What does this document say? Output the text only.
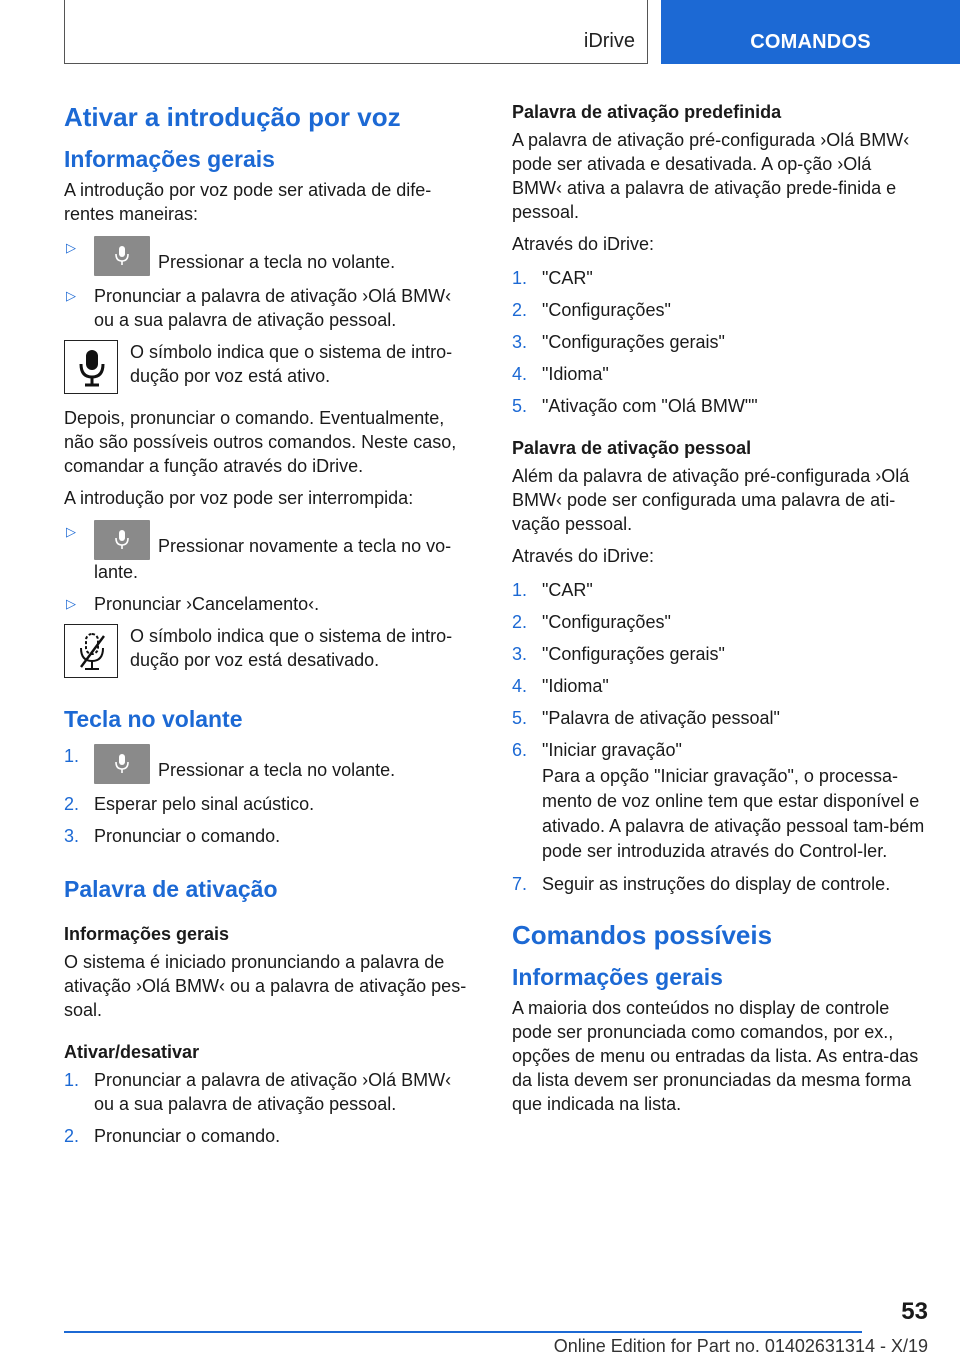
iDrive	COMANDOS
Ativar a introdução por voz
Informações gerais

A introdução por voz pode ser ativada de dife-rentes maneiras:

▷
Pressionar a tecla no volante.
▷ Pronunciar a palavra de ativação ›Olá BMW‹ ou a sua palavra de ativação pessoal.

O símbolo indica que o sistema de intro-dução por voz está ativo.

Depois, pronunciar o comando. Eventualmente, não são possíveis outros comandos. Neste caso, comandar a função através do iDrive.

A introdução por voz pode ser interrompida:

▷
Pressionar novamente a tecla no vo-lante.
▷ Pronunciar ›Cancelamento‹.

O símbolo indica que o sistema de intro-dução por voz está desativado.

Tecla no volante
1.
Pressionar a tecla no volante.
2. Esperar pelo sinal acústico.
3. Pronunciar o comando.
Palavra de ativação
Informações gerais

O sistema é iniciado pronunciando a palavra de ativação ›Olá BMW‹ ou a palavra de ativação pes-soal.

Ativar/desativar
1. Pronunciar a palavra de ativação ›Olá BMW‹ ou a sua palavra de ativação pessoal.
2. Pronunciar o comando.
Palavra de ativação predefinida

A palavra de ativação pré-configurada ›Olá BMW‹ pode ser ativada e desativada. A op-ção ›Olá BMW‹ ativa a palavra de ativação prede-finida e pessoal.

Através do iDrive:

1. "CAR"
2. "Configurações"
3. "Configurações gerais"
4. "Idioma"
5. "Ativação com "Olá BMW""
Palavra de ativação pessoal

Além da palavra de ativação pré-configurada ›Olá BMW‹ pode ser configurada uma palavra de ati-vação pessoal.

Através do iDrive:

1. "CAR"
2. "Configurações"
3. "Configurações gerais"
4. "Idioma"
5. "Palavra de ativação pessoal"
6. "Iniciar gravação"
Para a opção "Iniciar gravação", o processa-mento de voz online tem que estar disponível e ativado. A palavra de ativação pessoal tam-bém pode ser introduzida através do Control-ler.
7. Seguir as instruções do display de controle.
Comandos possíveis
Informações gerais

A maioria dos conteúdos no display de controle pode ser pronunciada como comandos, por ex., opções de menu ou entradas da lista. As entra-das da lista devem ser pronunciadas da mesma forma que indicada na lista.

53
Online Edition for Part no. 01402631314 - X/19
